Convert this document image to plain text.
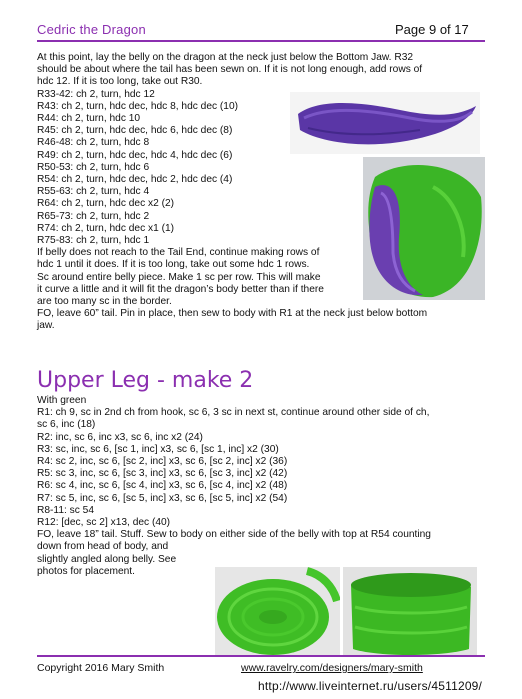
Cedric the Dragon	Page 9 of 17
At this point, lay the belly on the dragon at the neck just below the Bottom Jaw. R32
should be about where the tail has been sewn on. If it is not long enough, add rows of
hdc 12. If it is too long, take out R30.
R33-42: ch 2, turn, hdc 12
R43: ch 2, turn, hdc dec, hdc 8, hdc dec (10)
R44: ch 2, turn, hdc 10
R45: ch 2, turn, hdc dec, hdc 6, hdc dec (8)
R46-48: ch 2, turn, hdc 8
R49: ch 2, turn, hdc dec, hdc 4, hdc dec (6)
R50-53: ch 2, turn, hdc 6
R54: ch 2, turn, hdc dec, hdc 2, hdc dec (4)
R55-63: ch 2, turn, hdc 4
R64: ch 2, turn, hdc dec x2 (2)
R65-73: ch 2, turn, hdc 2
R74: ch 2, turn, hdc dec x1 (1)
R75-83: ch 2, turn, hdc 1
If belly does not reach to the Tail End, continue making rows of
hdc 1 until it does. If it is too long, take out some hdc 1 rows.
Sc around entire belly piece. Make 1 sc per row. This will make
it curve a little and it will fit the dragon’s body better than if there
are too many sc in the border.
FO, leave 60” tail. Pin in place, then sew to body with R1 at the neck just below bottom
jaw.
Upper Leg - make 2
With green
R1: ch 9, sc in 2nd ch from hook, sc 6, 3 sc in next st, continue around other side of ch,
sc 6, inc (18)
R2: inc, sc 6, inc x3, sc 6, inc x2 (24)
R3: sc, inc, sc 6, [sc 1, inc] x3, sc 6, [sc 1, inc] x2 (30)
R4: sc 2, inc, sc 6, [sc 2, inc] x3, sc 6, [sc 2, inc] x2 (36)
R5: sc 3, inc, sc 6, [sc 3, inc] x3, sc 6, [sc 3, inc] x2 (42)
R6: sc 4, inc, sc 6, [sc 4, inc] x3, sc 6, [sc 4, inc] x2 (48)
R7: sc 5, inc, sc 6, [sc 5, inc] x3, sc 6, [sc 5, inc] x2 (54)
R8-11: sc 54
R12: [dec, sc 2] x13, dec (40)
FO, leave 18” tail. Stuff. Sew to body on either side of the belly with top at R54 counting
down from head of body, and
slightly angled along belly. See
photos for placement.
Copyright 2016 Mary Smith	www.ravelry.com/designers/mary-smith
http://www.liveinternet.ru/users/4511209/
